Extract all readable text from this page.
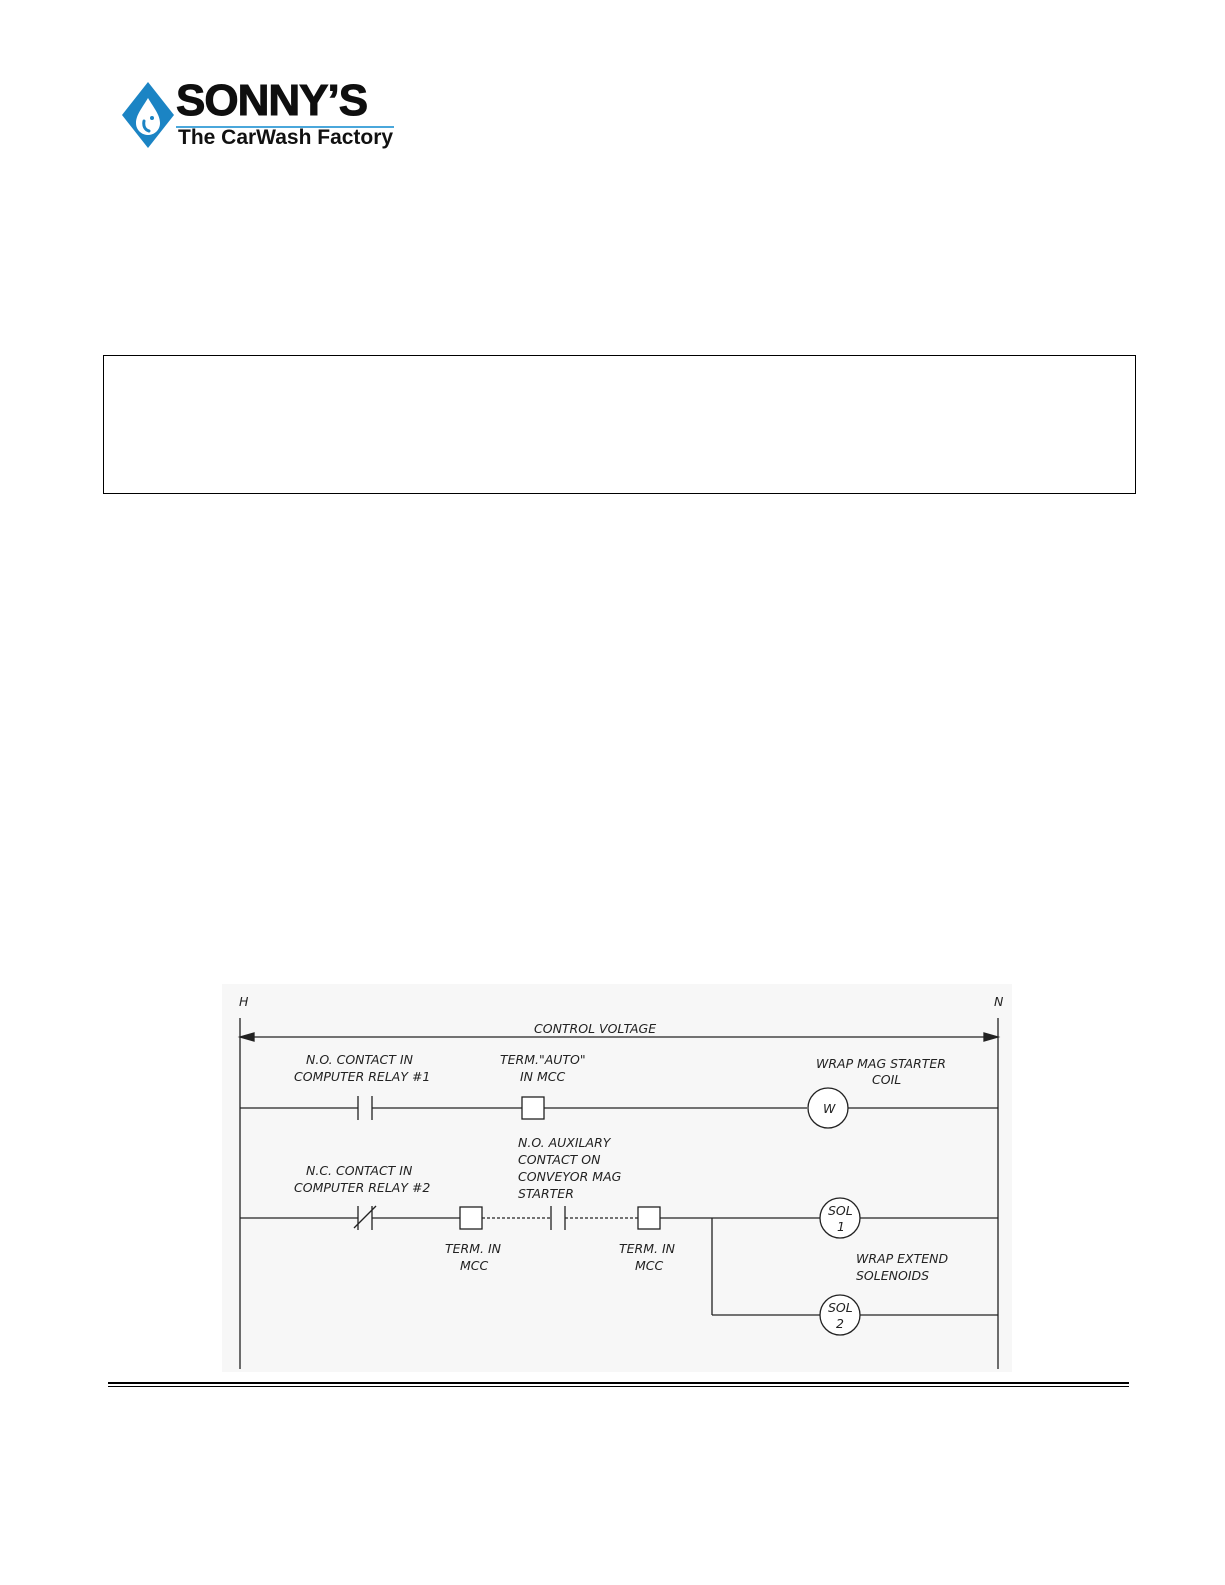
SONNY’S
The CarWash Factory
H	N
CONTROL VOLTAGE
N.O. CONTACT IN
COMPUTER RELAY #1
TERM."AUTO"
IN MCC
WRAP MAG STARTER
COIL
W
N.C. CONTACT IN
COMPUTER RELAY #2
N.O. AUXILARY
CONTACT ON
CONVEYOR MAG
STARTER
TERM. IN
MCC
TERM. IN
MCC
SOL
1
WRAP EXTEND
SOLENOIDS
SOL
2
